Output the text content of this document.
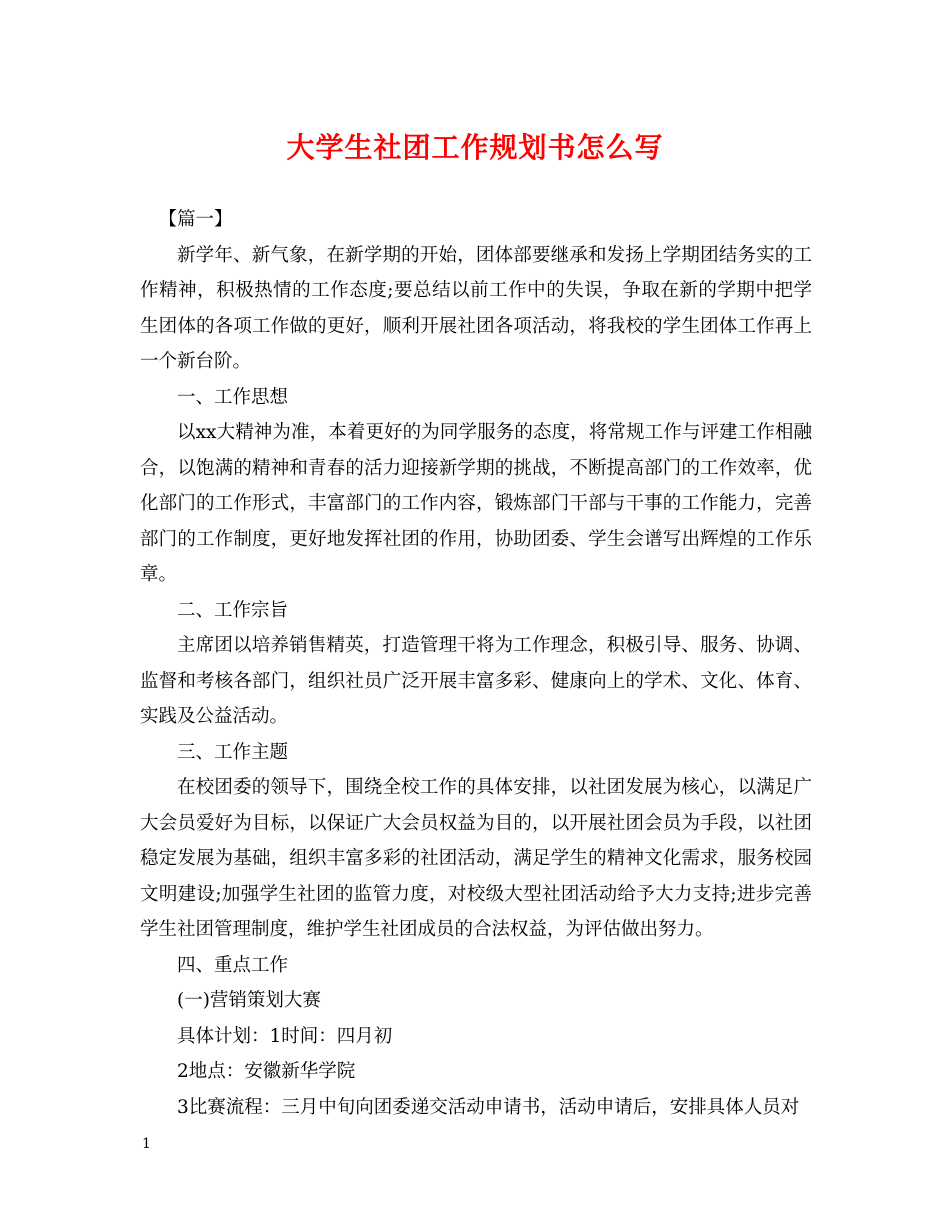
大学生社团工作规划书怎么写

【篇一】

新学年、新气象，在新学期的开始，团体部要继承和发扬上学期团结务实的工作精神，积极热情的工作态度;要总结以前工作中的失误，争取在新的学期中把学生团体的各项工作做的更好，顺利开展社团各项活动，将我校的学生团体工作再上一个新台阶。

一、工作思想

以xx大精神为准，本着更好的为同学服务的态度，将常规工作与评建工作相融合，以饱满的精神和青春的活力迎接新学期的挑战，不断提高部门的工作效率，优化部门的工作形式，丰富部门的工作内容，锻炼部门干部与干事的工作能力，完善部门的工作制度，更好地发挥社团的作用，协助团委、学生会谱写出辉煌的工作乐章。

二、工作宗旨

主席团以培养销售精英，打造管理干将为工作理念，积极引导、服务、协调、监督和考核各部门，组织社员广泛开展丰富多彩、健康向上的学术、文化、体育、实践及公益活动。

三、工作主题

在校团委的领导下，围绕全校工作的具体安排，以社团发展为核心，以满足广大会员爱好为目标，以保证广大会员权益为目的，以开展社团会员为手段，以社团稳定发展为基础，组织丰富多彩的社团活动，满足学生的精神文化需求，服务校园文明建设;加强学生社团的监管力度，对校级大型社团活动给予大力支持;进步完善学生社团管理制度，维护学生社团成员的合法权益，为评估做出努力。

四、重点工作

(一)营销策划大赛

具体计划：1时间：四月初

2地点：安徽新华学院

3比赛流程：三月中旬向团委递交活动申请书，活动申请后，安排具体人员对

1
